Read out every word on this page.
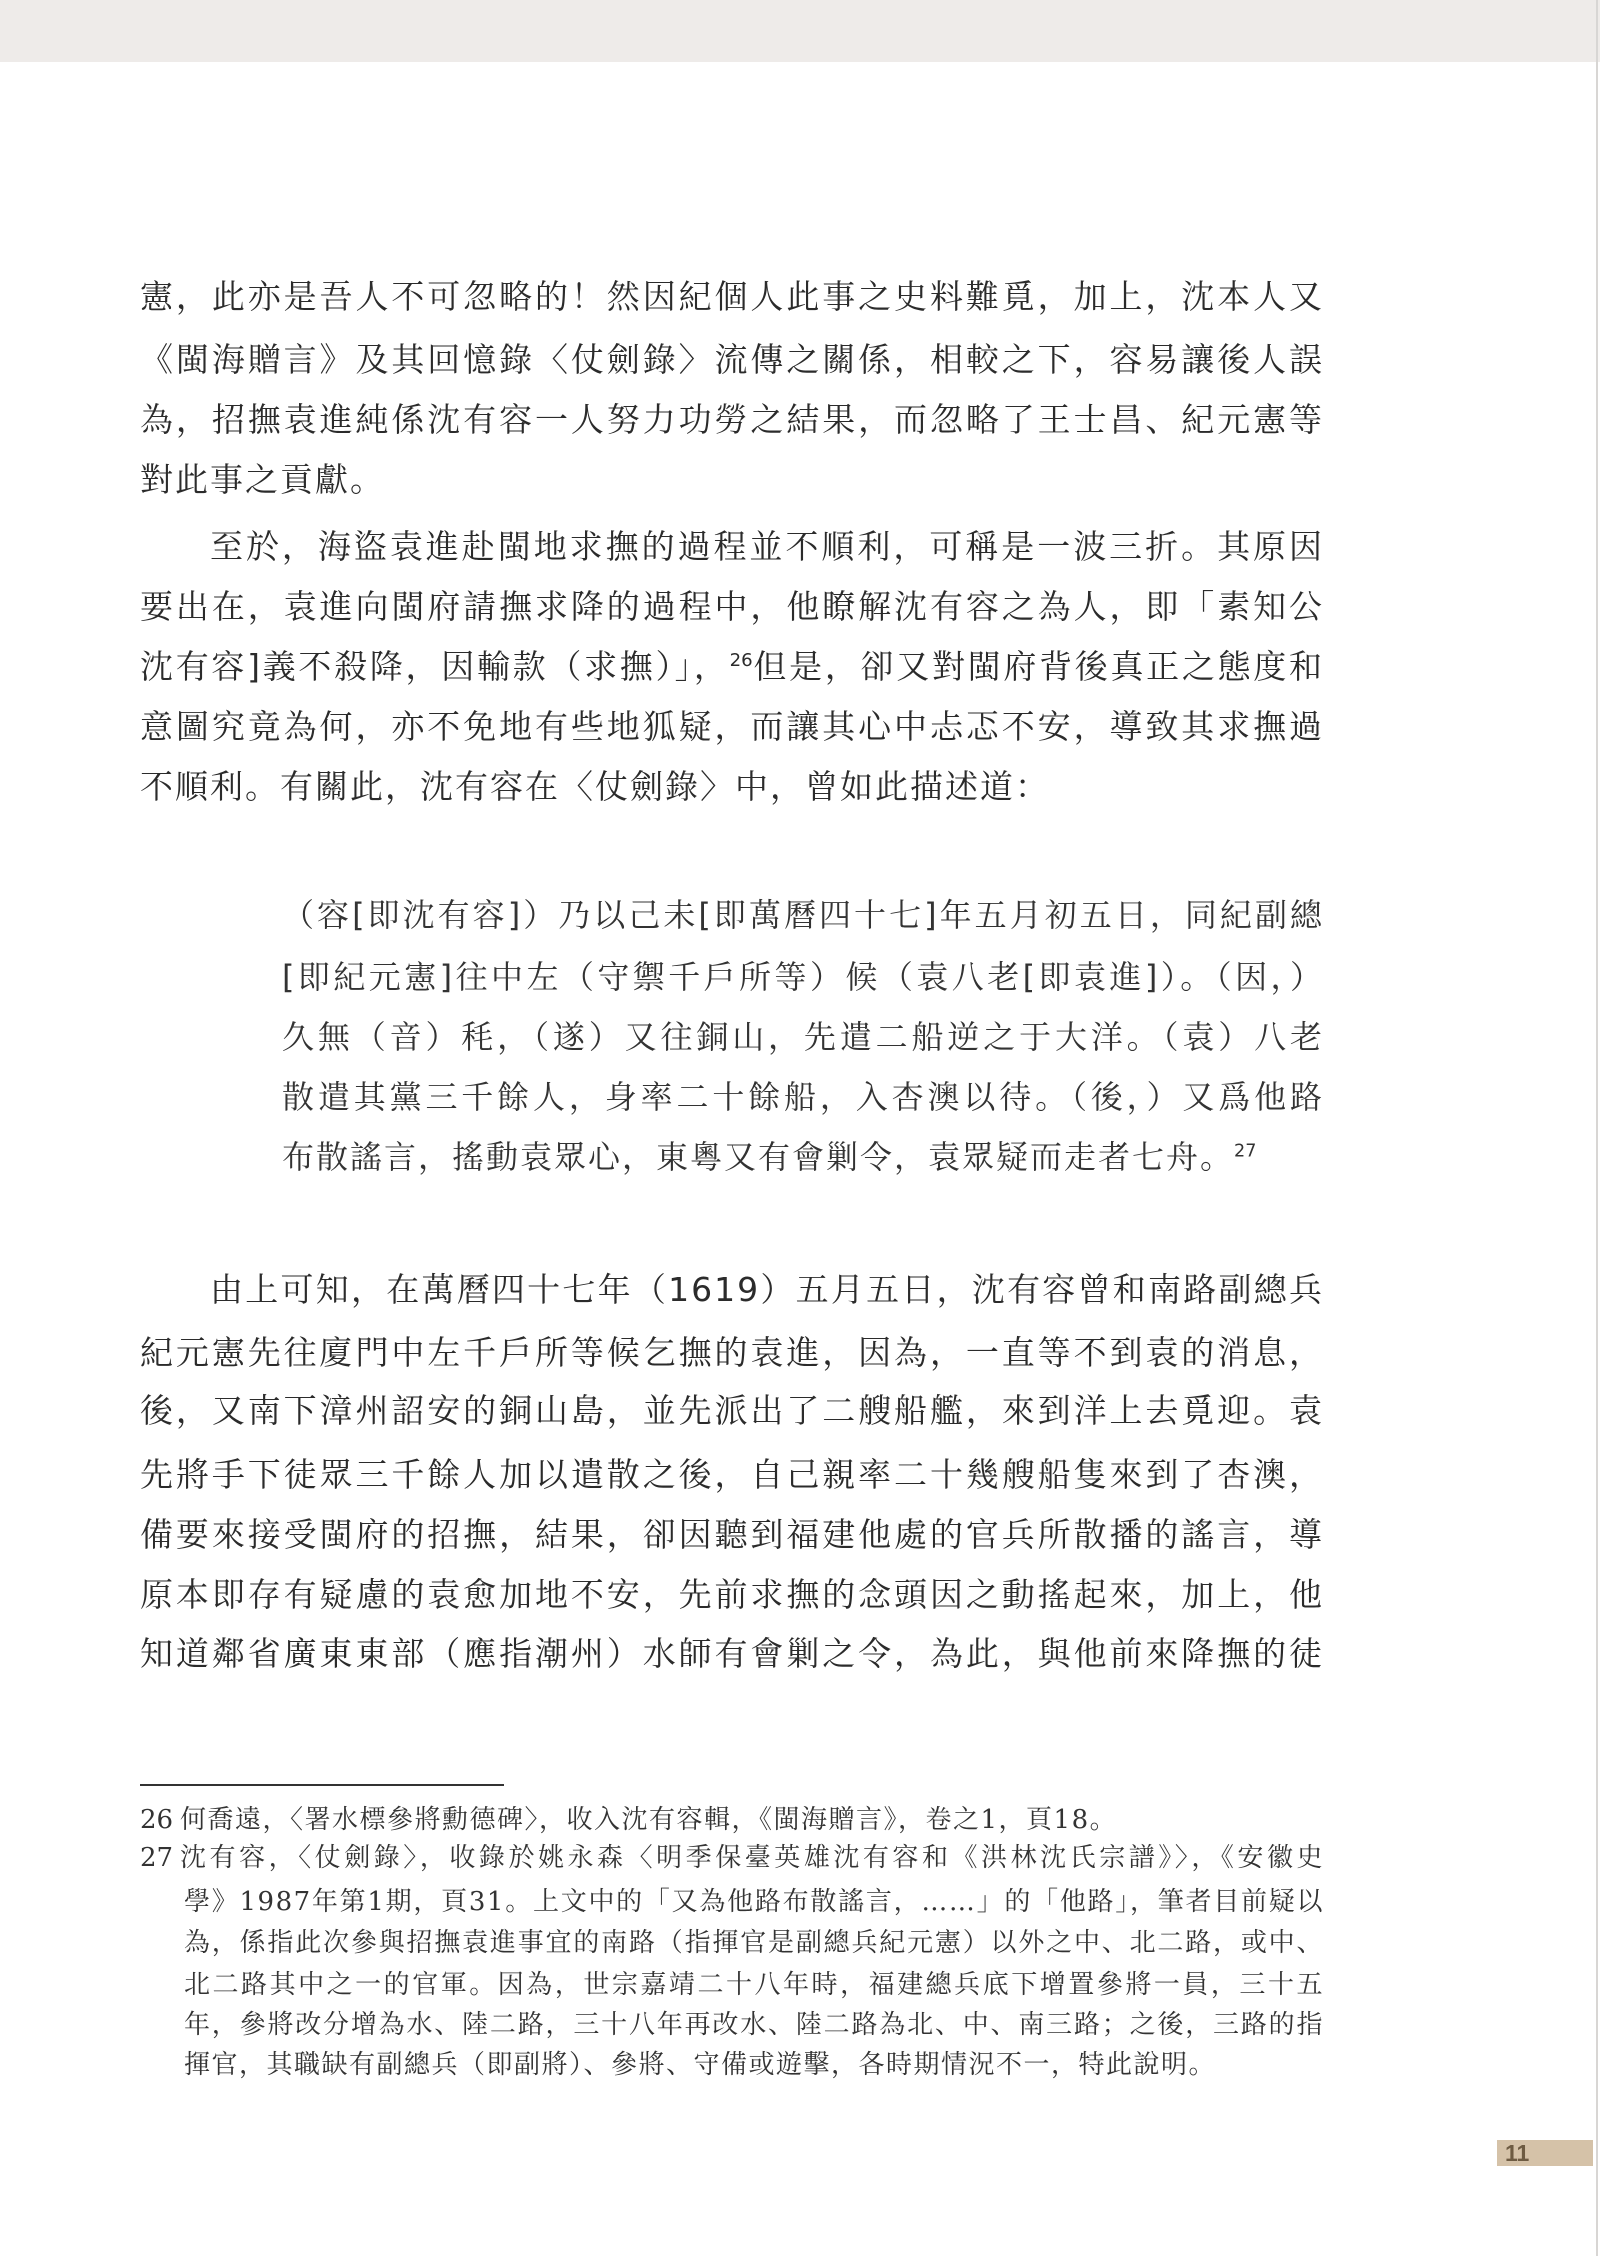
憲，此亦是吾人不可忽略的！然因紀個人此事之史料難覓，加上，沈本人又
《閩海贈言》及其回憶錄〈仗劍錄〉流傳之關係，相較之下，容易讓後人誤
為，招撫袁進純係沈有容一人努力功勞之結果，而忽略了王士昌、紀元憲等
對此事之貢獻。
至於，海盜袁進赴閩地求撫的過程並不順利，可稱是一波三折。其原因
要出在，袁進向閩府請撫求降的過程中，他瞭解沈有容之為人，即「素知公
沈有容]義不殺降，因輸款（求撫）」，$^{26}$但是，卻又對閩府背後真正之態度和
意圖究竟為何，亦不免地有些地狐疑，而讓其心中忐忑不安，導致其求撫過
不順利。有關此，沈有容在〈仗劍錄〉中，曾如此描述道：
（容[即沈有容]）乃以己未[即萬曆四十七]年五月初五日，同紀副總
[即紀元憲]往中左（守禦千戶所等）候（袁八老[即袁進]）。（因，）
久無（音）秏，（遂）又往銅山，先遣二船逆之于大洋。（袁）八老
散遣其黨三千餘人，身率二十餘船，入杏澳以待。（後，）又爲他路
布散謠言，搖動袁眾心，東粵又有會剿令，袁眾疑而走者七舟。$^{27}$
由上可知，在萬曆四十七年（1619）五月五日，沈有容曾和南路副總兵
紀元憲先往廈門中左千戶所等候乞撫的袁進，因為，一直等不到袁的消息，
後，又南下漳州詔安的銅山島，並先派出了二艘船艦，來到洋上去覓迎。袁
先將手下徒眾三千餘人加以遣散之後，自己親率二十幾艘船隻來到了杏澳，
備要來接受閩府的招撫，結果，卻因聽到福建他處的官兵所散播的謠言，導
原本即存有疑慮的袁愈加地不安，先前求撫的念頭因之動搖起來，加上，他
知道鄰省廣東東部（應指潮州）水師有會剿之令，為此，與他前來降撫的徒
26 何喬遠，〈署水標參將勳德碑〉，收入沈有容輯，《閩海贈言》，卷之1，頁18。
27 沈有容，〈仗劍錄〉，收錄於姚永森〈明季保臺英雄沈有容和《洪林沈氏宗譜》〉，《安徽史
學》1987年第1期，頁31。上文中的「又為他路布散謠言，……」的「他路」，筆者目前疑以
為，係指此次參與招撫袁進事宜的南路（指揮官是副總兵紀元憲）以外之中、北二路，或中、
北二路其中之一的官軍。因為，世宗嘉靖二十八年時，福建總兵底下增置參將一員，三十五
年，參將改分增為水、陸二路，三十八年再改水、陸二路為北、中、南三路；之後，三路的指
揮官，其職缺有副總兵（即副將）、參將、守備或遊擊，各時期情況不一，特此說明。
11
